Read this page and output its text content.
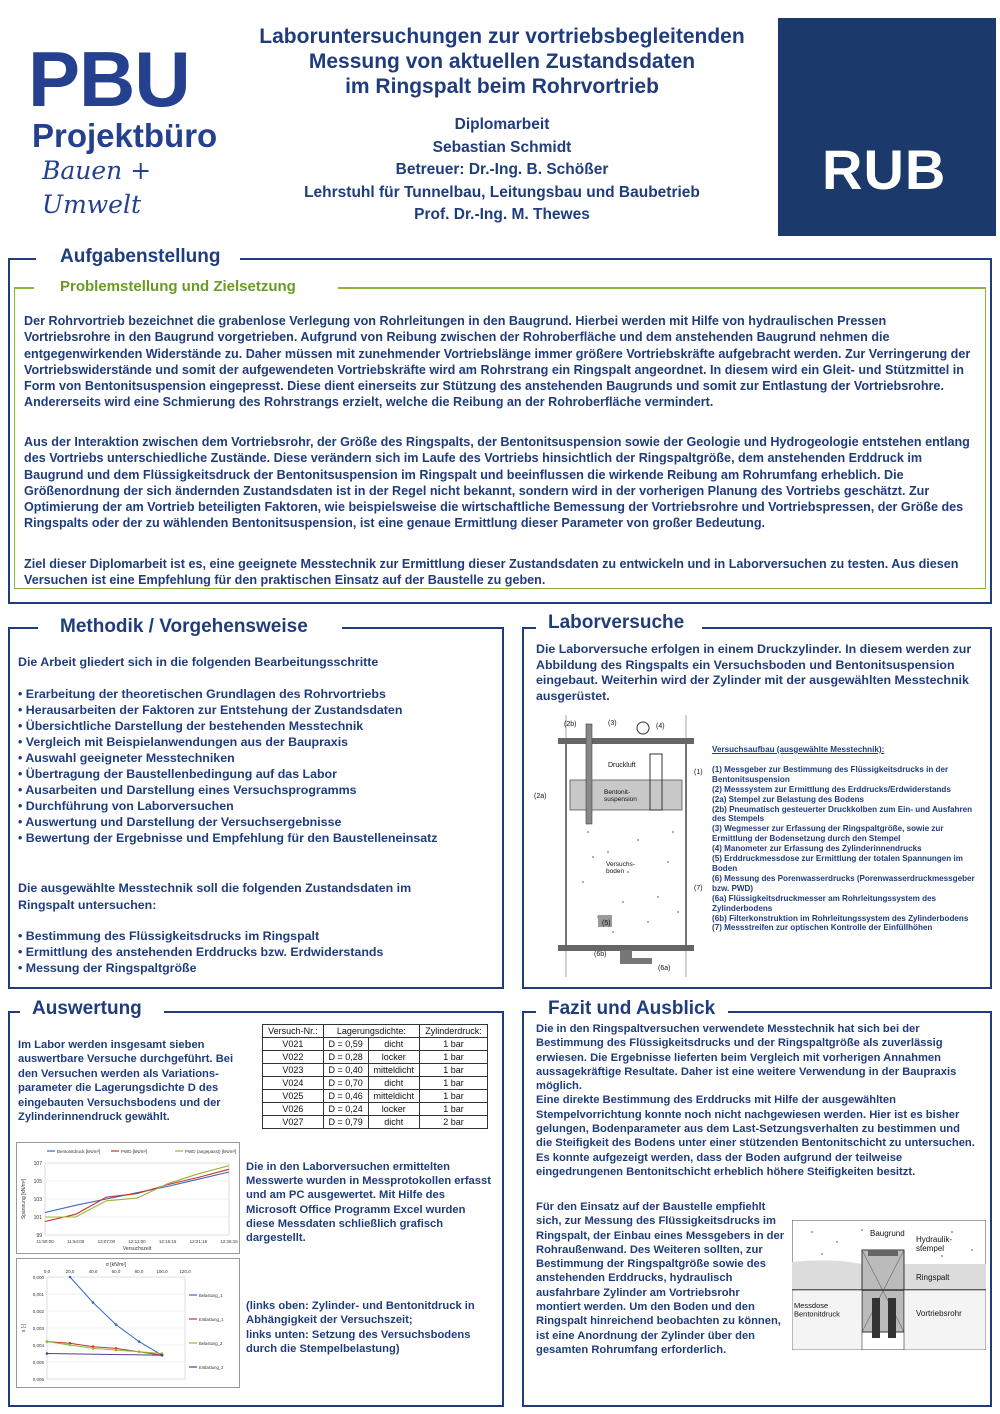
PBU
Projektbüro
Bauen + Umwelt
Laboruntersuchungen zur vortriebsbegleitenden
Messung von aktuellen Zustandsdaten
im Ringspalt beim Rohrvortrieb
Diplomarbeit
Sebastian Schmidt
Betreuer: Dr.-Ing. B. Schößer
Lehrstuhl für Tunnelbau, Leitungsbau und Baubetrieb
Prof. Dr.-Ing. M. Thewes
RUB
Aufgabenstellung
Problemstellung und Zielsetzung
Der Rohrvortrieb bezeichnet die grabenlose Verlegung von Rohrleitungen in den Baugrund. Hierbei werden mit Hilfe von hydraulischen Pressen Vortriebsrohre in den Baugrund vorgetrieben. Aufgrund von Reibung zwischen der Rohroberfläche und dem anstehenden Baugrund nehmen die entgegenwirkenden Widerstände zu. Daher müssen mit zunehmender Vortriebslänge immer größere Vortriebskräfte aufgebracht werden. Zur Verringerung der Vortriebswiderstände und somit der aufgewendeten Vortriebskräfte wird am Rohrstrang ein Ringspalt angeordnet. In diesem wird ein Gleit- und Stützmittel in Form von Bentonitsuspension eingepresst. Diese dient einerseits zur Stützung des anstehenden Baugrunds und somit zur Entlastung der Vortriebsrohre. Andererseits wird eine Schmierung des Rohrstrangs erzielt, welche die Reibung an der Rohroberfläche vermindert.
Aus der Interaktion zwischen dem Vortriebsrohr, der Größe des Ringspalts, der Bentonitsuspension sowie der Geologie und Hydrogeologie entstehen entlang des Vortriebs unterschiedliche Zustände. Diese verändern sich im Laufe des Vortriebs hinsichtlich der Ringspaltgröße, dem anstehenden Erddruck im Baugrund und dem Flüssigkeitsdruck der Bentonitsuspension im Ringspalt und beeinflussen die wirkende Reibung am Rohrumfang erheblich. Die Größenordnung der sich ändernden Zustandsdaten ist in der Regel nicht bekannt, sondern wird in der vorherigen Planung des Vortriebs geschätzt. Zur Optimierung der am Vortrieb beteiligten Faktoren, wie beispielsweise die wirtschaftliche Bemessung der Vortriebsrohre und Vortriebspressen, der Größe des Ringspalts oder der zu wählenden Bentonitsuspension, ist eine genaue Ermittlung dieser Parameter von großer Bedeutung.
Ziel dieser Diplomarbeit ist es, eine geeignete Messtechnik zur Ermittlung dieser Zustandsdaten zu entwickeln und in Laborversuchen zu testen. Aus diesen Versuchen ist eine Empfehlung für den praktischen Einsatz auf der Baustelle zu geben.
Methodik / Vorgehensweise
Die Arbeit gliedert sich in die folgenden Bearbeitungsschritte
• Erarbeitung der theoretischen Grundlagen des Rohrvortriebs
• Herausarbeiten der Faktoren zur Entstehung der Zustandsdaten
• Übersichtliche Darstellung der bestehenden Messtechnik
• Vergleich mit Beispielanwendungen aus der Baupraxis
• Auswahl geeigneter Messtechniken
• Übertragung der Baustellenbedingung auf das Labor
• Ausarbeiten und Darstellung eines Versuchsprogramms
• Durchführung von Laborversuchen
• Auswertung und Darstellung der Versuchsergebnisse
• Bewertung der Ergebnisse und Empfehlung für den Baustelleneinsatz
Die ausgewählte Messtechnik soll die folgenden Zustandsdaten im Ringspalt untersuchen:
• Bestimmung des Flüssigkeitsdrucks im Ringspalt
• Ermittlung des anstehenden Erddrucks bzw. Erdwiderstands
• Messung der Ringspaltgröße
Laborversuche
Die Laborversuche erfolgen in einem Druckzylinder. In diesem werden zur Abbildung des Ringspalts ein Versuchsboden und Bentonitsuspension eingebaut. Weiterhin wird der Zylinder mit der ausgewählten Messtechnik ausgerüstet.
(2b)	(3)	(4)
(1)
(2a)
(7)
(5)
(6b)
(6a)
Druckluft
Bentonit-suspension
Versuchs-boden
Versuchsaufbau (ausgewählte Messtechnik):
(1) Messgeber zur Bestimmung des Flüssigkeitsdrucks in der Bentonitsuspension
(2) Messsystem zur Ermittlung des Erddrucks/Erdwiderstands
(2a) Stempel zur Belastung des Bodens
(2b) Pneumatisch gesteuerter Druckkolben zum Ein- und Ausfahren des Stempels
(3) Wegmesser zur Erfassung der Ringspaltgröße, sowie zur Ermittlung der Bodensetzung durch den Stempel
(4) Manometer zur Erfassung des Zylinderinnendrucks
(5) Erddruckmessdose zur Ermittlung der totalen Spannungen im Boden
(6) Messung des Porenwasserdrucks (Porenwasserdruckmessgeber bzw. PWD)
(6a) Flüssigkeitsdruckmesser am Rohrleitungssystem des Zylinderbodens
(6b) Filterkonstruktion im Rohrleitungssystem des Zylinderbodens
(7) Messstreifen zur optischen Kontrolle der Einfüllhöhen
Auswertung
Im Labor werden insgesamt sieben auswertbare Versuche durchgeführt. Bei den Versuchen werden als Variations-parameter die Lagerungsdichte D des eingebauten Versuchsbodens und der Zylinderinnendruck gewählt.
Versuch-Nr.:	Lagerungsdichte:		Zylinderdruck:
V021	D = 0,59	dicht	1 bar
V022	D = 0,28	locker	1 bar
V023	D = 0,40	mitteldicht	1 bar
V024	D = 0,70	dicht	1 bar
V025	D = 0,46	mitteldicht	1 bar
V026	D = 0,24	locker	1 bar
V027	D = 0,79	dicht	2 bar
99
101
103
105
107
11:50:00	11:54:00	13:07:00	12:11:00	12:16:15	12:21:15	12:26:15
Versuchszeit
Spannung [kN/m²]
Bentonitdruck [kN/m²]	PWD [kN/m²]	PWD (angepasst) [kN/m²]
0,0	20,0	40,0	60,0	80,0	100,0	120,0
σ [kN/m²]
0,000
0,001
0,002
0,003
0,004
0,005
0,006
s [-]
Belastung_1
Entlastung_1
Belastung_2
Entlastung_2
Die in den Laborversuchen ermittelten Messwerte wurden in Messprotokollen erfasst und am PC ausgewertet. Mit Hilfe des Microsoft Office Programm Excel wurden diese Messdaten schließlich grafisch dargestellt.
(links oben: Zylinder- und Bentonitdruck in Abhängigkeit der Versuchszeit;
links unten: Setzung des Versuchsbodens durch die Stempelbelastung)
Fazit und Ausblick
Die in den Ringspaltversuchen verwendete Messtechnik hat sich bei der Bestimmung des Flüssigkeitsdrucks und der Ringspaltgröße als zuverlässig erwiesen. Die Ergebnisse lieferten beim Vergleich mit vorherigen Annahmen aussagekräftige Resultate. Daher ist eine weitere Verwendung in der Baupraxis möglich.
Eine direkte Bestimmung des Erddrucks mit Hilfe der ausgewählten Stempelvorrichtung konnte noch nicht nachgewiesen werden. Hier ist es bisher gelungen, Bodenparameter aus dem Last-Setzungsverhalten zu bestimmen und die Steifigkeit des Bodens unter einer stützenden Bentonitschicht zu untersuchen. Es konnte aufgezeigt werden, dass der Boden aufgrund der teilweise eingedrungenen Bentonitschicht erheblich höhere Steifigkeiten besitzt.
Für den Einsatz auf der Baustelle empfiehlt sich, zur Messung des Flüssigkeitsdrucks im Ringspalt, der Einbau eines Messgebers in der Rohraußenwand. Des Weiteren sollten, zur Bestimmung der Ringspaltgröße sowie des anstehenden Erddrucks, hydraulisch ausfahrbare Zylinder am Vortriebsrohr montiert werden. Um den Boden und den Ringspalt hinreichend beobachten zu können, ist eine Anordnung der Zylinder über den gesamten Rohrumfang erforderlich.
Baugrund
Hydraulik-stempel
Ringspalt
Messdose Bentonitdruck	Vortriebsrohr
